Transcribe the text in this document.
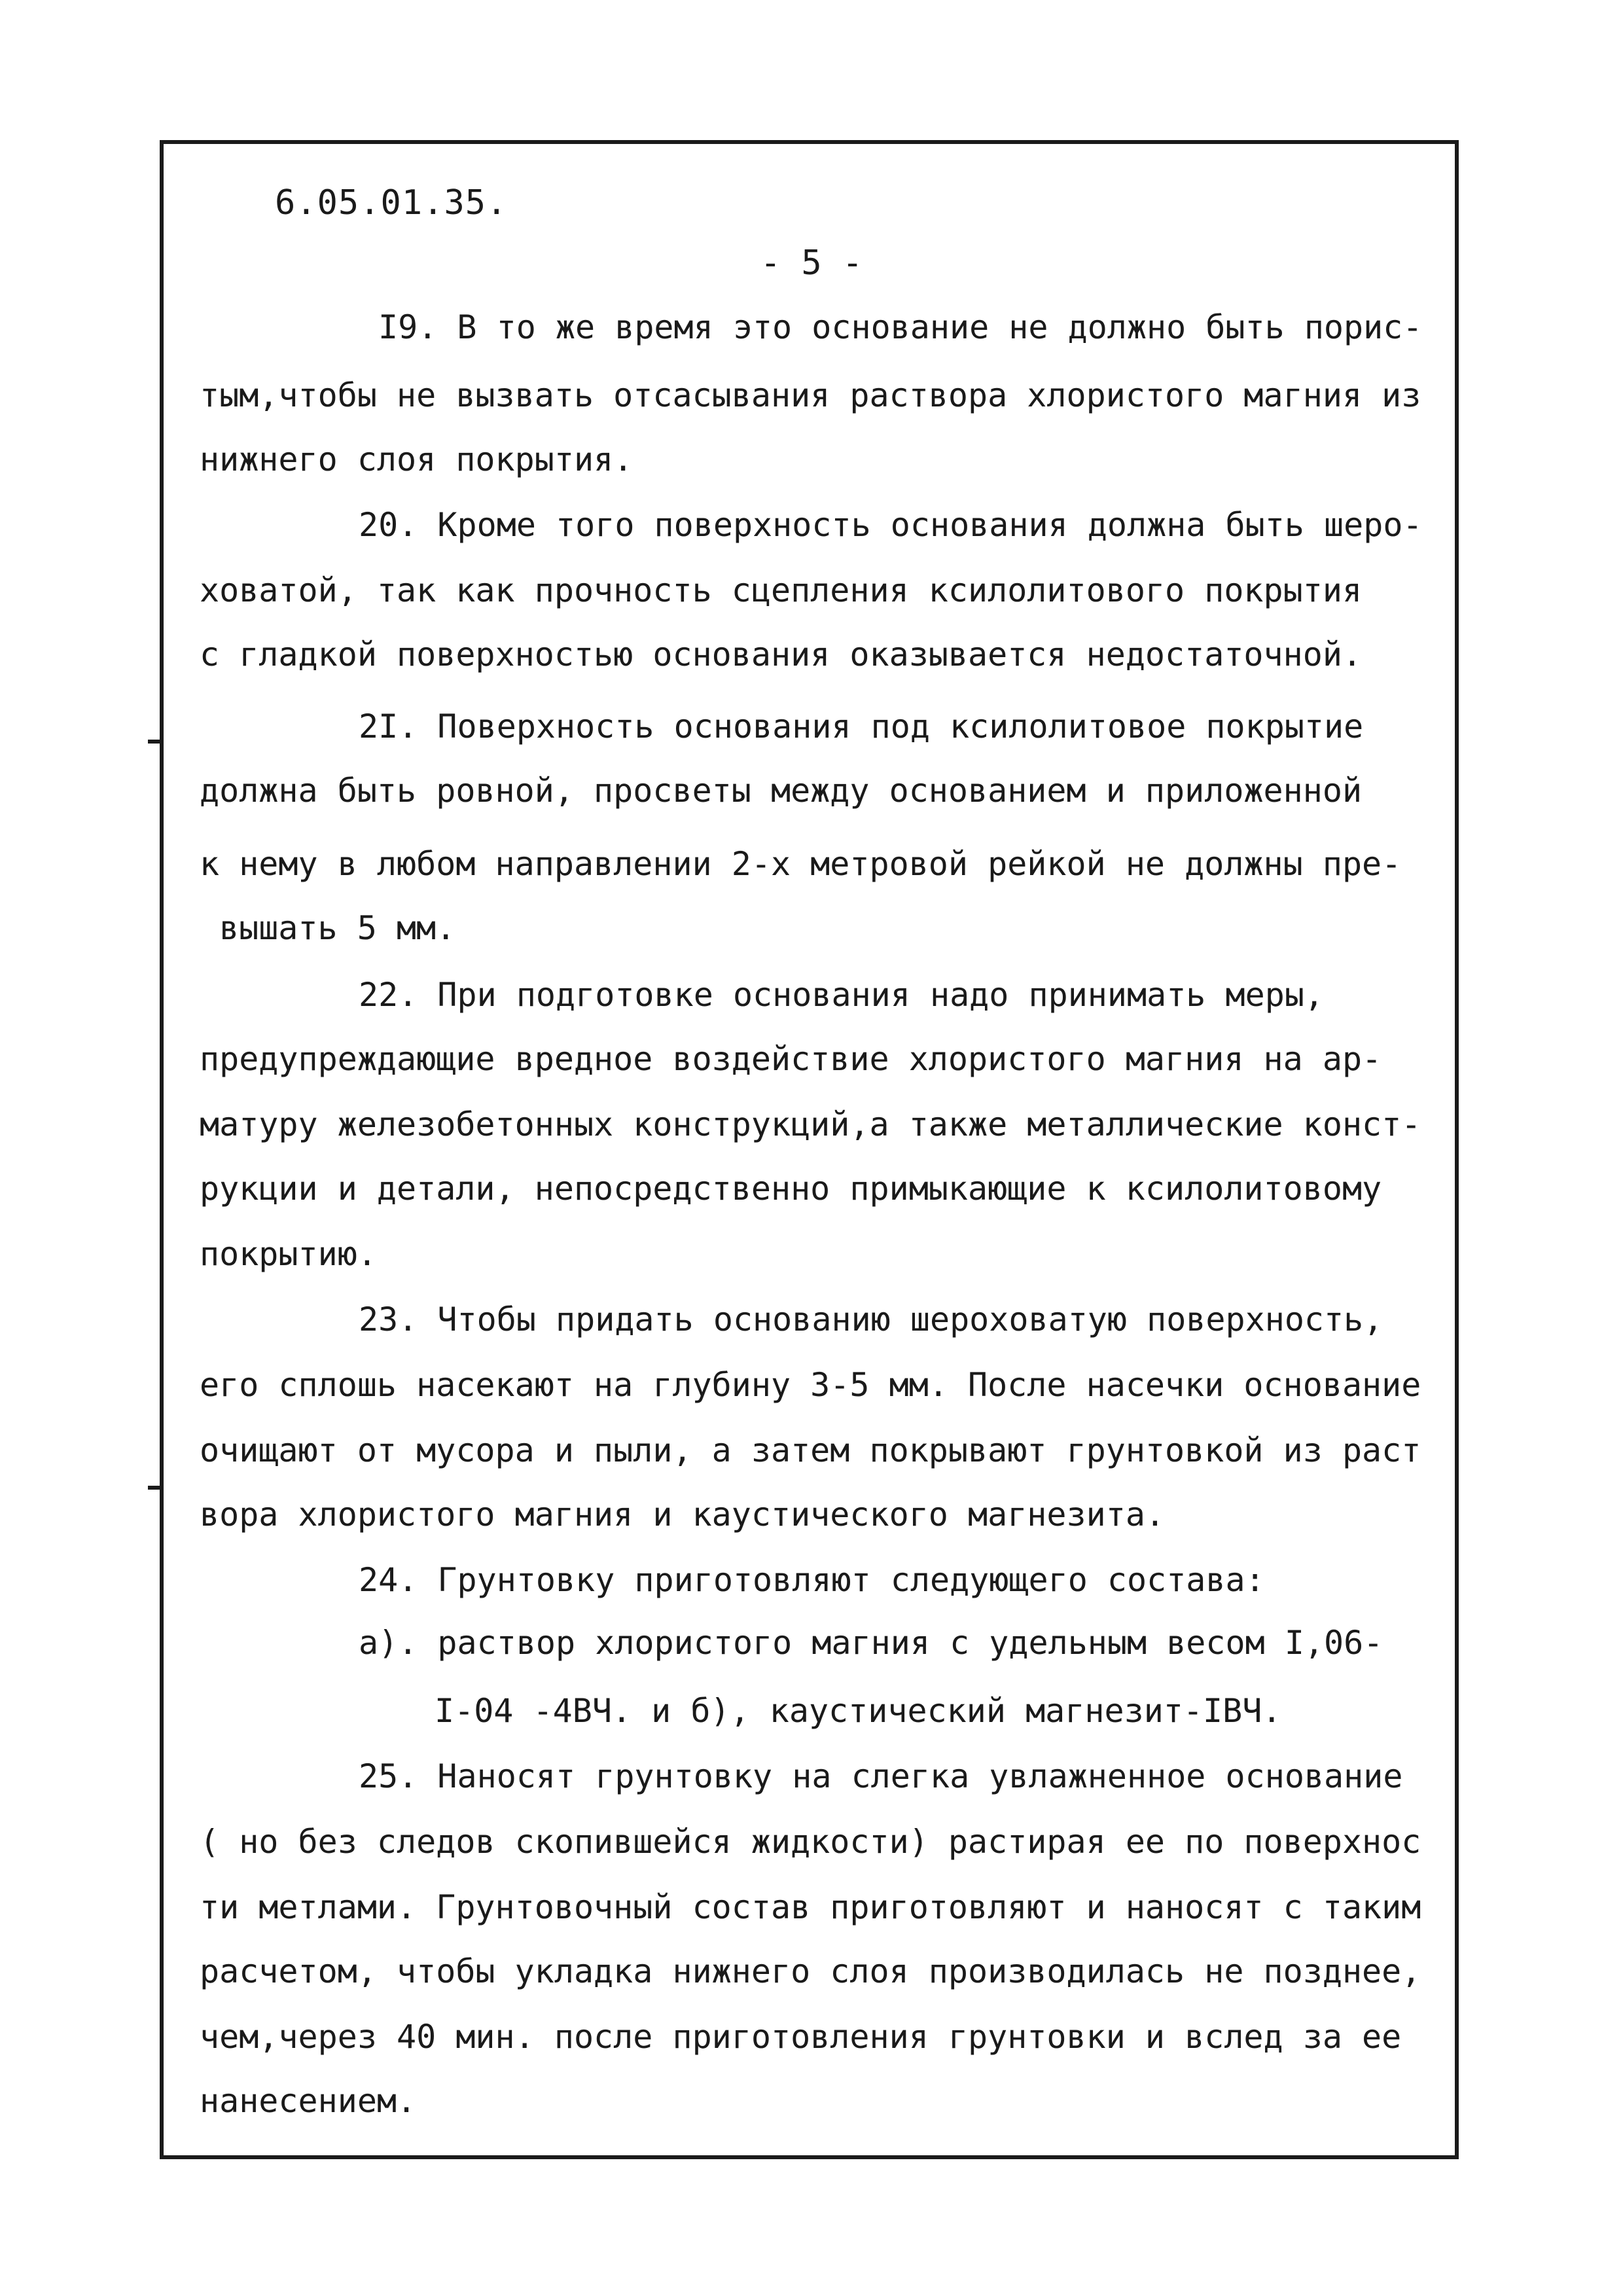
6.05.01.35.
- 5 -
I9. В то же время это основание не должно быть порис-
тым,чтобы не вызвать отсасывания раствора хлористого магния из
нижнего слоя покрытия.
20. Кроме того поверхность основания должна быть шеро-
ховатой, так как прочность сцепления ксилолитового покрытия
с гладкой поверхностью основания оказывается недостаточной.
2I. Поверхность основания под ксилолитовое покрытие
должна быть ровной, просветы между основанием и приложенной
к нему в любом направлении 2-х метровой рейкой не должны пре-
вышать 5 мм.
22. При подготовке основания надо принимать меры,
предупреждающие вредное воздействие хлористого магния на ар-
матуру железобетонных конструкций,а также металлические конст-
рукции и детали, непосредственно примыкающие к ксилолитовому
покрытию.
23. Чтобы придать основанию шероховатую поверхность,
его сплошь насекают на глубину 3-5 мм. После насечки основание
очищают от мусора и пыли, а затем покрывают грунтовкой из раст
вора хлористого магния и каустического магнезита.
24. Грунтовку приготовляют следующего состава:
а). раствор хлористого магния с удельным весом I,06-
I-04 -4ВЧ. и б), каустический магнезит-IВЧ.
25. Наносят грунтовку на слегка увлажненное основание
( но без следов скопившейся жидкости) растирая ее по поверхнос
ти метлами. Грунтовочный состав приготовляют и наносят с таким
расчетом, чтобы укладка нижнего слоя производилась не позднее,
чем,через 40 мин. после приготовления грунтовки и вслед за ее
нанесением.
